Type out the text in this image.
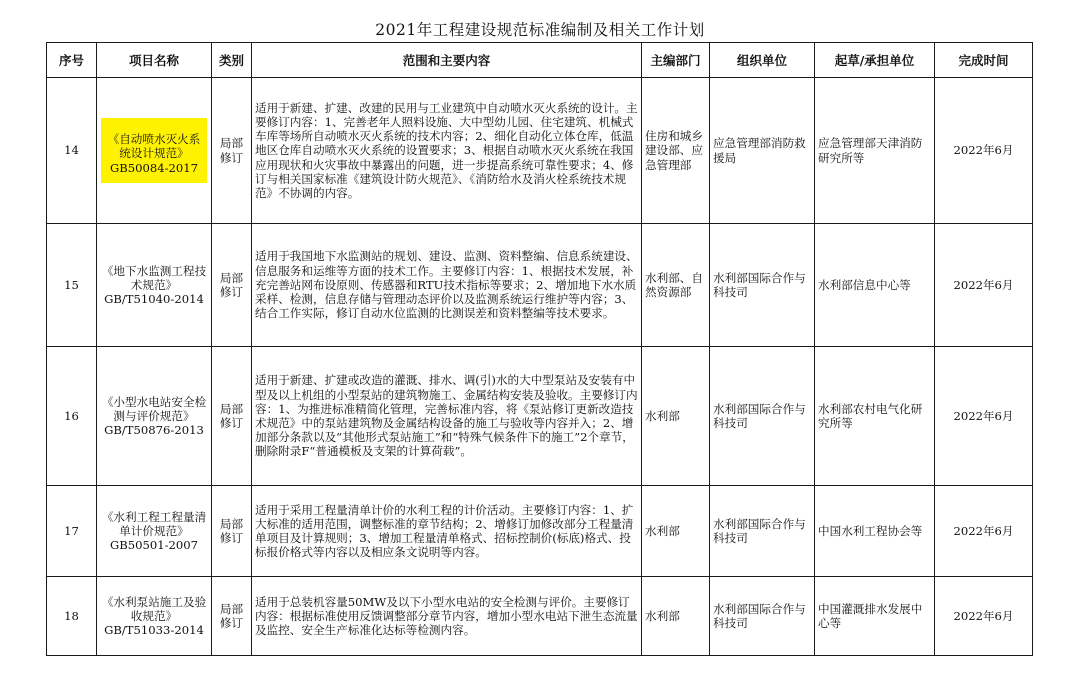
2021年工程建设规范标准编制及相关工作计划
序号	项目名称	类别	范围和主要内容	主编部门	组织单位	起草/承担单位	完成时间
14	《自动喷水灭火系统设计规范》GB50084-2017	局部修订	适用于新建、扩建、改建的民用与工业建筑中自动喷水灭火系统的设计。主要修订内容：1、完善老年人照料设施、大中型幼儿园、住宅建筑、机械式车库等场所自动喷水灭火系统的技术内容；2、细化自动化立体仓库，低温地区仓库自动喷水灭火系统的设置要求；3、根据自动喷水灭火系统在我国应用现状和火灾事故中暴露出的问题，进一步提高系统可靠性要求；4、修订与相关国家标准《建筑设计防火规范》、《消防给水及消火栓系统技术规范》不协调的内容。	住房和城乡建设部、应急管理部	应急管理部消防救援局	应急管理部天津消防研究所等	2022年6月
15	《地下水监测工程技术规范》GB/T51040-2014	局部修订	适用于我国地下水监测站的规划、建设、监测、资料整编、信息系统建设、信息服务和运维等方面的技术工作。主要修订内容：1、根据技术发展，补充完善站网布设原则、传感器和RTU技术指标等要求；2、增加地下水水质采样、检测，信息存储与管理动态评价以及监测系统运行维护等内容；3、结合工作实际，修订自动水位监测的比测误差和资料整编等技术要求。	水利部、自然资源部	水利部国际合作与科技司	水利部信息中心等	2022年6月
16	《小型水电站安全检测与评价规范》GB/T50876-2013	局部修订	适用于新建、扩建或改造的灌溉、排水、调(引)水的大中型泵站及安装有中型及以上机组的小型泵站的建筑物施工、金属结构安装及验收。主要修订内容：1、为推进标准精简化管理，完善标准内容，将《泵站修订更新改造技术规范》中的泵站建筑物及金属结构设备的施工与验收等内容并入；2、增加部分条款以及“其他形式泵站施工”和“特殊气候条件下的施工”2个章节，删除附录F“普通模板及支架的计算荷载”。	水利部	水利部国际合作与科技司	水利部农村电气化研究所等	2022年6月
17	《水利工程工程量清单计价规范》GB50501-2007	局部修订	适用于采用工程量清单计价的水利工程的计价活动。主要修订内容：1、扩大标准的适用范围，调整标准的章节结构；2、增修订加修改部分工程量清单项目及计算规则；3、增加工程量清单格式、招标控制价(标底)格式、投标报价格式等内容以及相应条文说明等内容。	水利部	水利部国际合作与科技司	中国水利工程协会等	2022年6月
18	《水利泵站施工及验收规范》GB/T51033-2014	局部修订	适用于总装机容量50MW及以下小型水电站的安全检测与评价。主要修订内容：根据标准使用反馈调整部分章节内容，增加小型水电站下泄生态流量及监控、安全生产标准化达标等检测内容。	水利部	水利部国际合作与科技司	中国灌溉排水发展中心等	2022年6月
